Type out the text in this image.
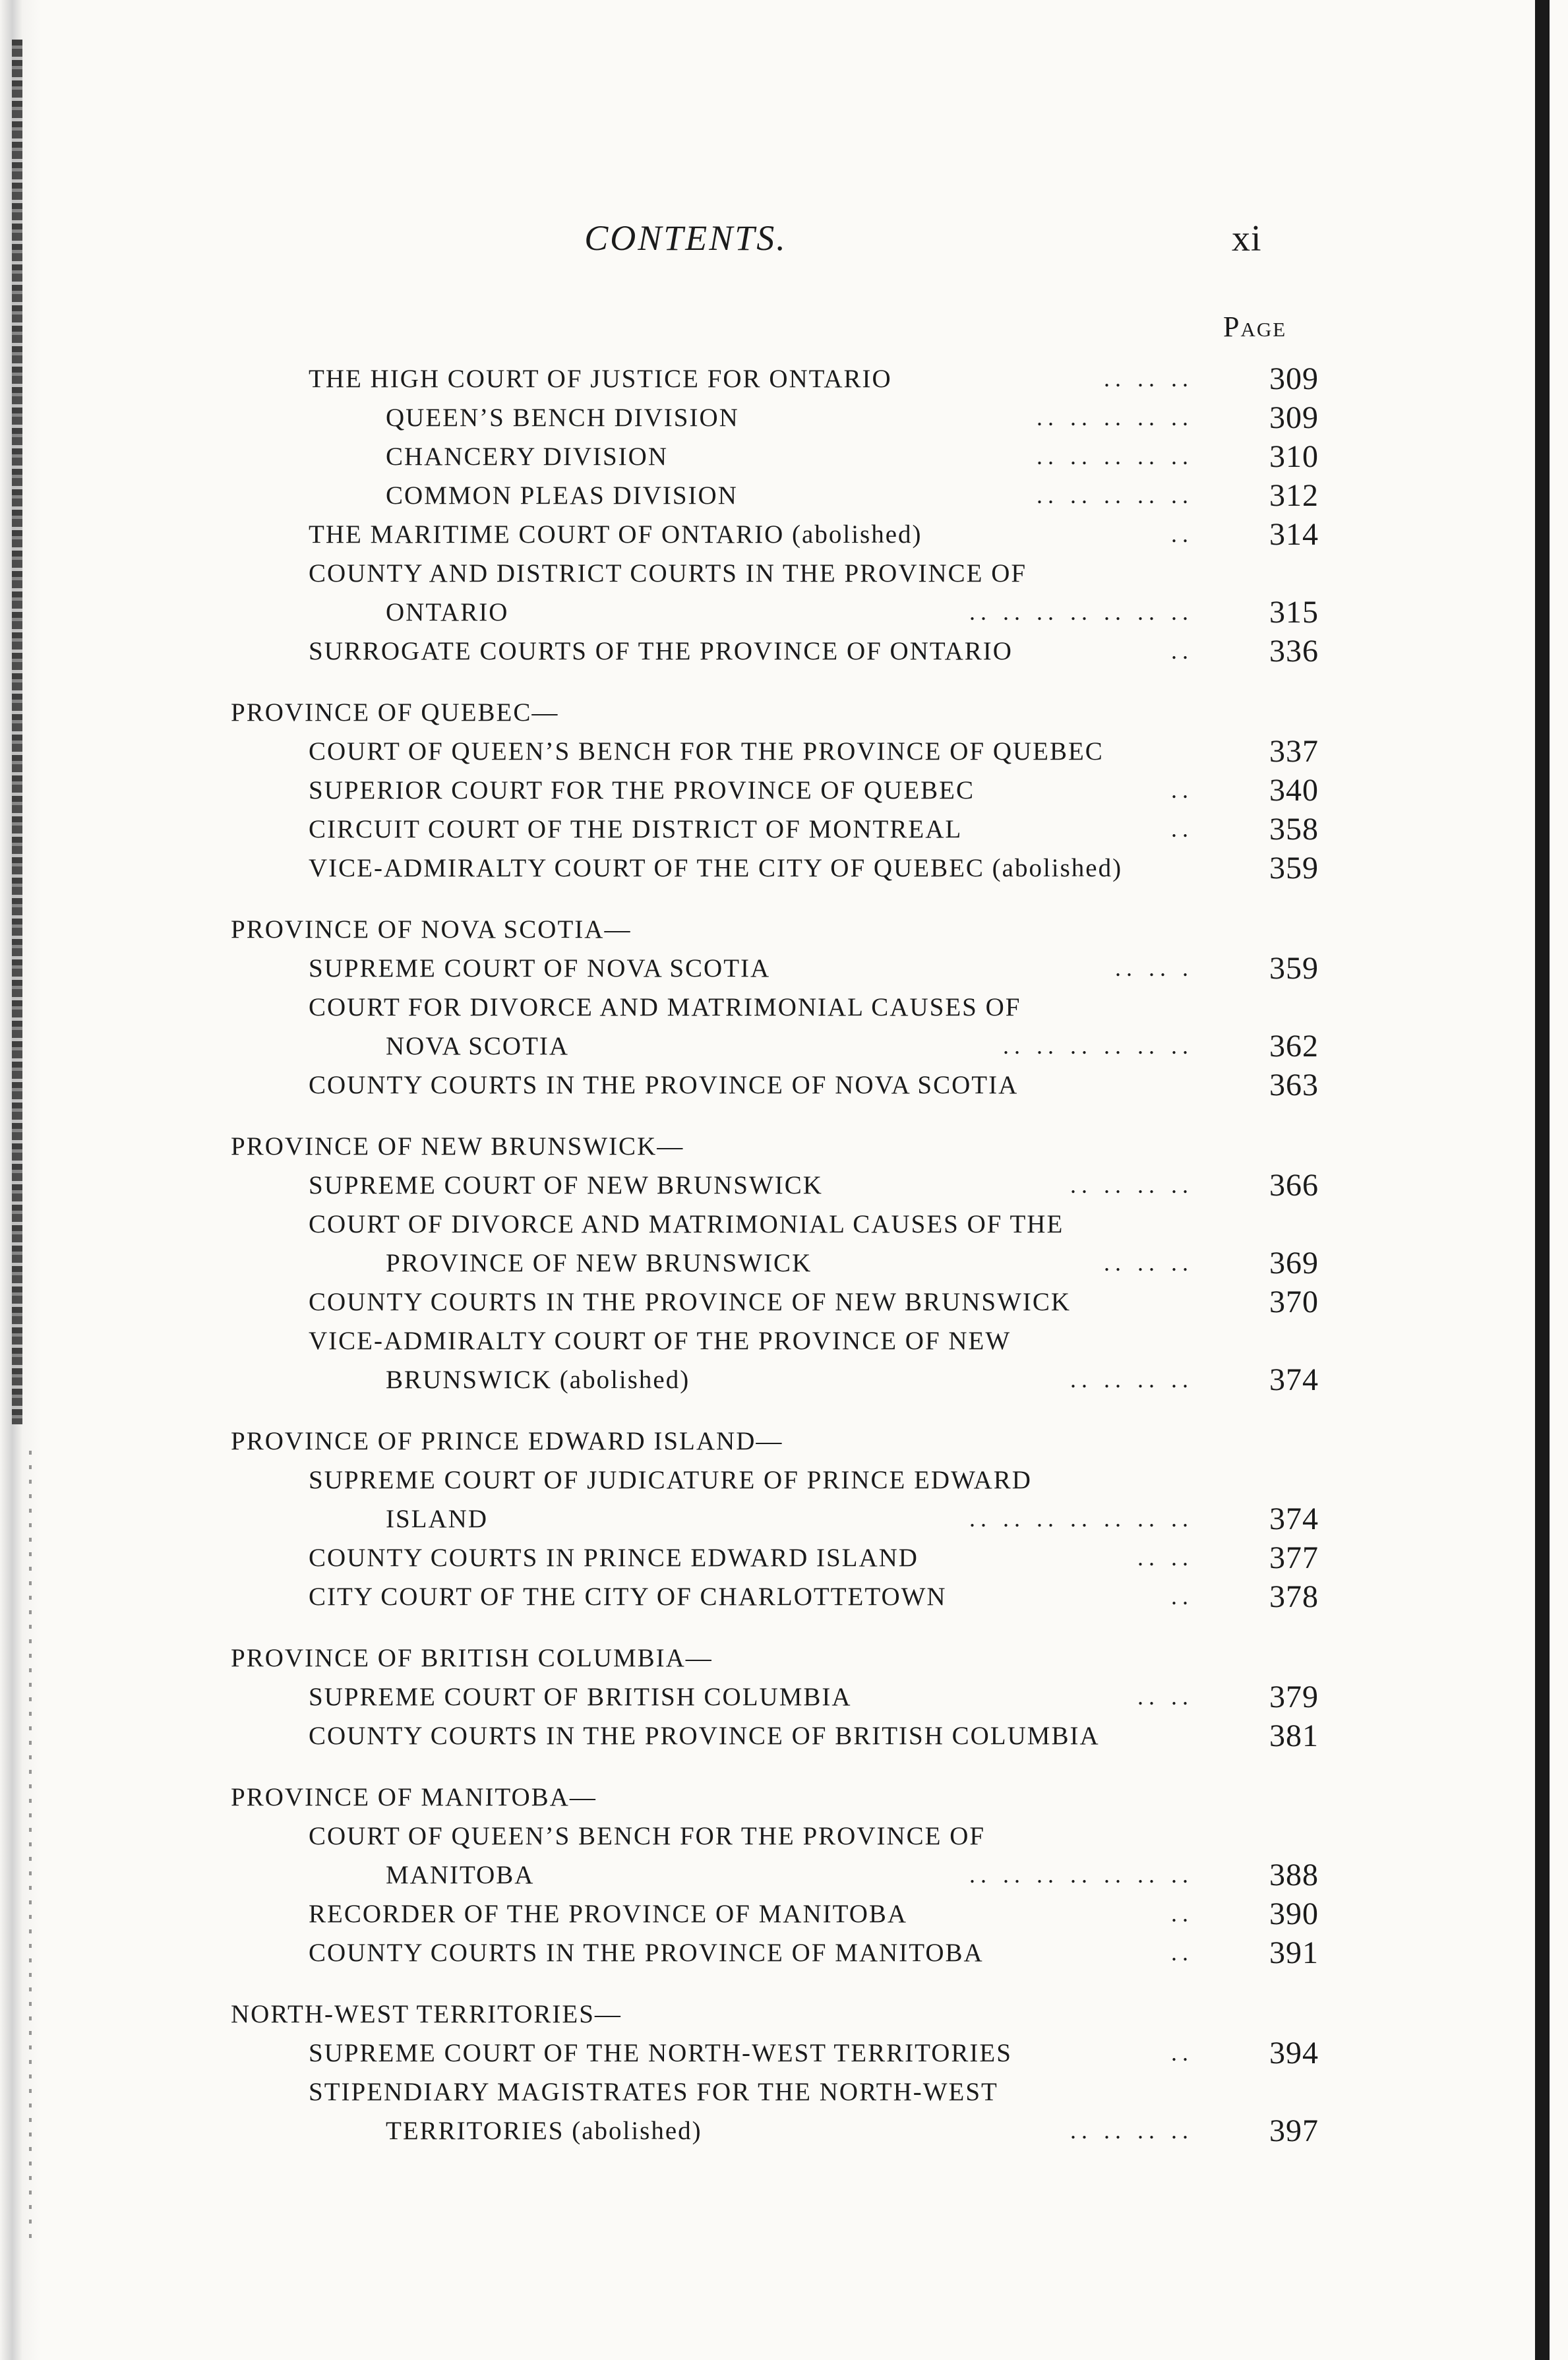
CONTENTS.	xi
Page
THE HIGH COURT OF JUSTICE FOR ONTARIO	.. .. ..	309
QUEEN’S BENCH DIVISION	.. .. .. .. ..	309
CHANCERY DIVISION	.. .. .. .. ..	310
COMMON PLEAS DIVISION	.. .. .. .. ..	312
THE MARITIME COURT OF ONTARIO (abolished)	..	314
COUNTY AND DISTRICT COURTS IN THE PROVINCE OF
ONTARIO	.. .. .. .. .. .. ..	315
SURROGATE COURTS OF THE PROVINCE OF ONTARIO	..	336
PROVINCE OF QUEBEC—
COURT OF QUEEN’S BENCH FOR THE PROVINCE OF QUEBEC	337
SUPERIOR COURT FOR THE PROVINCE OF QUEBEC	..	340
CIRCUIT COURT OF THE DISTRICT OF MONTREAL	..	358
VICE-ADMIRALTY COURT OF THE CITY OF QUEBEC (abolished)	359
PROVINCE OF NOVA SCOTIA—
SUPREME COURT OF NOVA SCOTIA	.. .. .	359
COURT FOR DIVORCE AND MATRIMONIAL CAUSES OF
NOVA SCOTIA	.. .. .. .. .. ..	362
COUNTY COURTS IN THE PROVINCE OF NOVA SCOTIA	363
PROVINCE OF NEW BRUNSWICK—
SUPREME COURT OF NEW BRUNSWICK	.. .. .. ..	366
COURT OF DIVORCE AND MATRIMONIAL CAUSES OF THE
PROVINCE OF NEW BRUNSWICK	.. .. ..	369
COUNTY COURTS IN THE PROVINCE OF NEW BRUNSWICK	370
VICE-ADMIRALTY COURT OF THE PROVINCE OF NEW
BRUNSWICK (abolished)	.. .. .. ..	374
PROVINCE OF PRINCE EDWARD ISLAND—
SUPREME COURT OF JUDICATURE OF PRINCE EDWARD
ISLAND	.. .. .. .. .. .. ..	374
COUNTY COURTS IN PRINCE EDWARD ISLAND	.. ..	377
CITY COURT OF THE CITY OF CHARLOTTETOWN	..	378
PROVINCE OF BRITISH COLUMBIA—
SUPREME COURT OF BRITISH COLUMBIA	.. ..	379
COUNTY COURTS IN THE PROVINCE OF BRITISH COLUMBIA	381
PROVINCE OF MANITOBA—
COURT OF QUEEN’S BENCH FOR THE PROVINCE OF
MANITOBA	.. .. .. .. .. .. ..	388
RECORDER OF THE PROVINCE OF MANITOBA	..	390
COUNTY COURTS IN THE PROVINCE OF MANITOBA	..	391
NORTH-WEST TERRITORIES—
SUPREME COURT OF THE NORTH-WEST TERRITORIES	..	394
STIPENDIARY MAGISTRATES FOR THE NORTH-WEST
TERRITORIES (abolished)	.. .. .. ..	397
